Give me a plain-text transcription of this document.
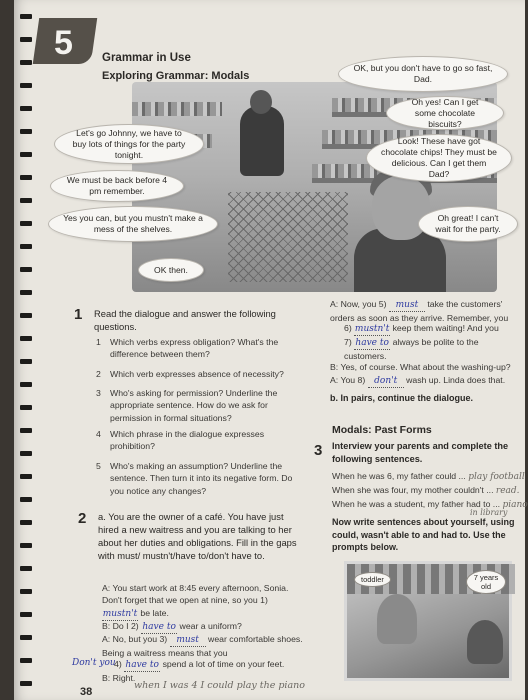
5	Grammar in Use
Exploring Grammar: Modals
OK, but you don't have to go so fast, Dad.
Oh yes! Can I get some chocolate biscuits?
Let's go Johnny, we have to buy lots of things for the party tonight.
Look! These have got chocolate chips! They must be delicious. Can I get them Dad?
We must be back before 4 pm remember.
Yes you can, but you mustn't make a mess of the shelves.
Oh great! I can't wait for the party.
OK then.
1 Read the dialogue and answer the following questions.
1	Which verbs express obligation? What's the difference between them?
2	Which verb expresses absence of necessity?
3	Who's asking for permission? Underline the appropriate sentence. How do we ask for permission in formal situations?
4	Which phrase in the dialogue expresses prohibition?
5	Who's making an assumption? Underline the sentence. Then turn it into its negative form. Do you notice any changes?
2 a. You are the owner of a café. You have just hired a new waitress and you are talking to her about her duties and obligations. Fill in the gaps with must/ mustn't/have to/don't have to.
A: You start work at 8:45 every afternoon, Sonia. Don't forget that we open at nine, so you 1) mustn't be late.
B: Do I 2) have to wear a uniform?
A: No, but you 3) must wear comfortable shoes. Being a waitress means that you
Don't you
4) have to spend a lot of time on your feet.
B: Right.
when I was 4 I could play the piano
A: Now, you 5) must take the customers' orders as soon as they arrive. Remember, you
6) mustn't keep them waiting! And you
7) have to always be polite to the customers.
B: Yes, of course. What about the washing-up?
A: You 8) don't wash up. Linda does that.
b. In pairs, continue the dialogue.
Modals: Past Forms
3 Interview your parents and complete the following sentences.
When he was 6, my father could ... play football
When she was four, my mother couldn't ... read.
When he was a student, my father had to ... piano
in library
Now write sentences about yourself, using could, wasn't able to and had to. Use the prompts below.
toddler	7 years old
38
